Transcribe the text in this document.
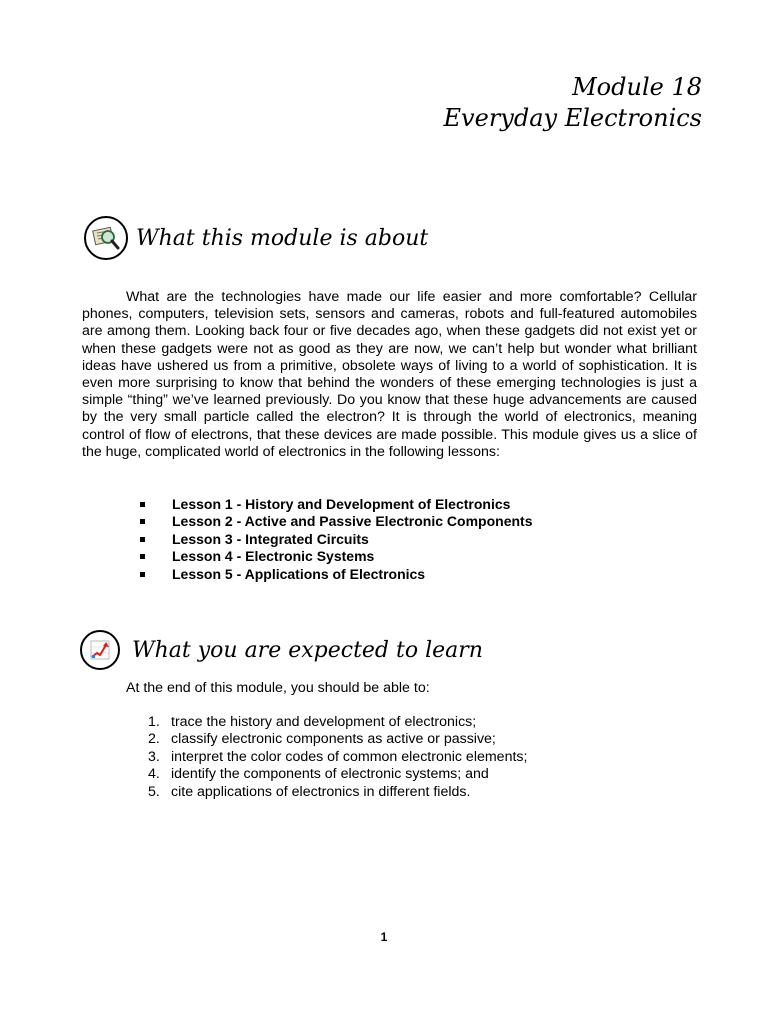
Module 18
Everyday Electronics
What this module is about

What are the technologies have made our life easier and more comfortable? Cellular phones, computers, television sets, sensors and cameras, robots and full-featured automobiles are among them. Looking back four or five decades ago, when these gadgets did not exist yet or when these gadgets were not as good as they are now, we can’t help but wonder what brilliant ideas have ushered us from a primitive, obsolete ways of living to a world of sophistication. It is even more surprising to know that behind the wonders of these emerging technologies is just a simple “thing” we’ve learned previously. Do you know that these huge advancements are caused by the very small particle called the electron? It is through the world of electronics, meaning control of flow of electrons, that these devices are made possible. This module gives us a slice of the huge, complicated world of electronics in the following lessons:

Lesson 1 - History and Development of Electronics
Lesson 2 - Active and Passive Electronic Components
Lesson 3 - Integrated Circuits
Lesson 4 - Electronic Systems
Lesson 5 - Applications of Electronics
What you are expected to learn

At the end of this module, you should be able to:

1. trace the history and development of electronics;
2. classify electronic components as active or passive;
3. interpret the color codes of common electronic elements;
4. identify the components of electronic systems; and
5. cite applications of electronics in different fields.
1
